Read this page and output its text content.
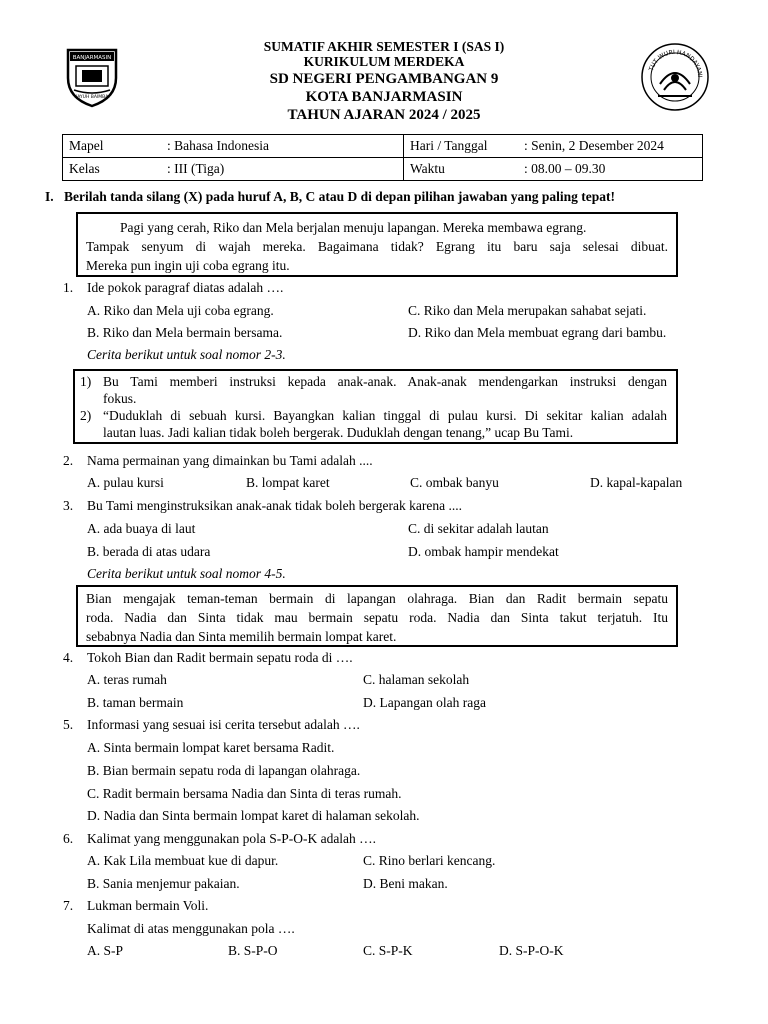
BANJARMASIN
KAYUH BAIMBAI
TUT WURI HANDAYANI
SUMATIF AKHIR SEMESTER I (SAS I)
KURIKULUM MERDEKA
SD NEGERI PENGAMBANGAN 9
KOTA BANJARMASIN
TAHUN AJARAN 2024 / 2025
Mapel	: Bahasa Indonesia	Hari / Tanggal	: Senin, 2 Desember 2024
Kelas	: III (Tiga)	Waktu	: 08.00 – 09.30
I. Berilah tanda silang (X) pada huruf A, B, C atau D di depan pilihan jawaban yang paling tepat!
Pagi yang cerah, Riko dan Mela berjalan menuju lapangan. Mereka membawa egrang.
Tampak senyum di wajah mereka. Bagaimana tidak? Egrang itu baru saja selesai dibuat.
Mereka pun ingin uji coba egrang itu.
1. Ide pokok paragraf diatas adalah ….
A. Riko dan Mela uji coba egrang.	C. Riko dan Mela merupakan sahabat sejati.
B. Riko dan Mela bermain bersama.	D. Riko dan Mela membuat egrang dari bambu.
Cerita berikut untuk soal nomor 2-3.
1) Bu Tami memberi instruksi kepada anak-anak. Anak-anak mendengarkan instruksi dengan
fokus.
2) “Duduklah di sebuah kursi. Bayangkan kalian tinggal di pulau kursi. Di sekitar kalian adalah
lautan luas. Jadi kalian tidak boleh bergerak. Duduklah dengan tenang,” ucap Bu Tami.
2. Nama permainan yang dimainkan bu Tami adalah ....
A. pulau kursi	B. lompat karet	C. ombak banyu	D. kapal-kapalan
3. Bu Tami menginstruksikan anak-anak tidak boleh bergerak karena ....
A. ada buaya di laut	C. di sekitar adalah lautan
B. berada di atas udara	D. ombak hampir mendekat
Cerita berikut untuk soal nomor 4-5.
Bian mengajak teman-teman bermain di lapangan olahraga. Bian dan Radit bermain sepatu
roda. Nadia dan Sinta tidak mau bermain sepatu roda. Nadia dan Sinta takut terjatuh. Itu
sebabnya Nadia dan Sinta memilih bermain lompat karet.
4. Tokoh Bian dan Radit bermain sepatu roda di ….
A. teras rumah	C. halaman sekolah
B. taman bermain	D. Lapangan olah raga
5. Informasi yang sesuai isi cerita tersebut adalah ….
A. Sinta bermain lompat karet bersama Radit.
B. Bian bermain sepatu roda di lapangan olahraga.
C. Radit bermain bersama Nadia dan Sinta di teras rumah.
D. Nadia dan Sinta bermain lompat karet di halaman sekolah.
6. Kalimat yang menggunakan pola S-P-O-K adalah ….
A. Kak Lila membuat kue di dapur.	C. Rino berlari kencang.
B. Sania menjemur pakaian.	D. Beni makan.
7. Lukman bermain Voli.
Kalimat di atas menggunakan pola ….
A. S-P	B. S-P-O	C. S-P-K	D. S-P-O-K
